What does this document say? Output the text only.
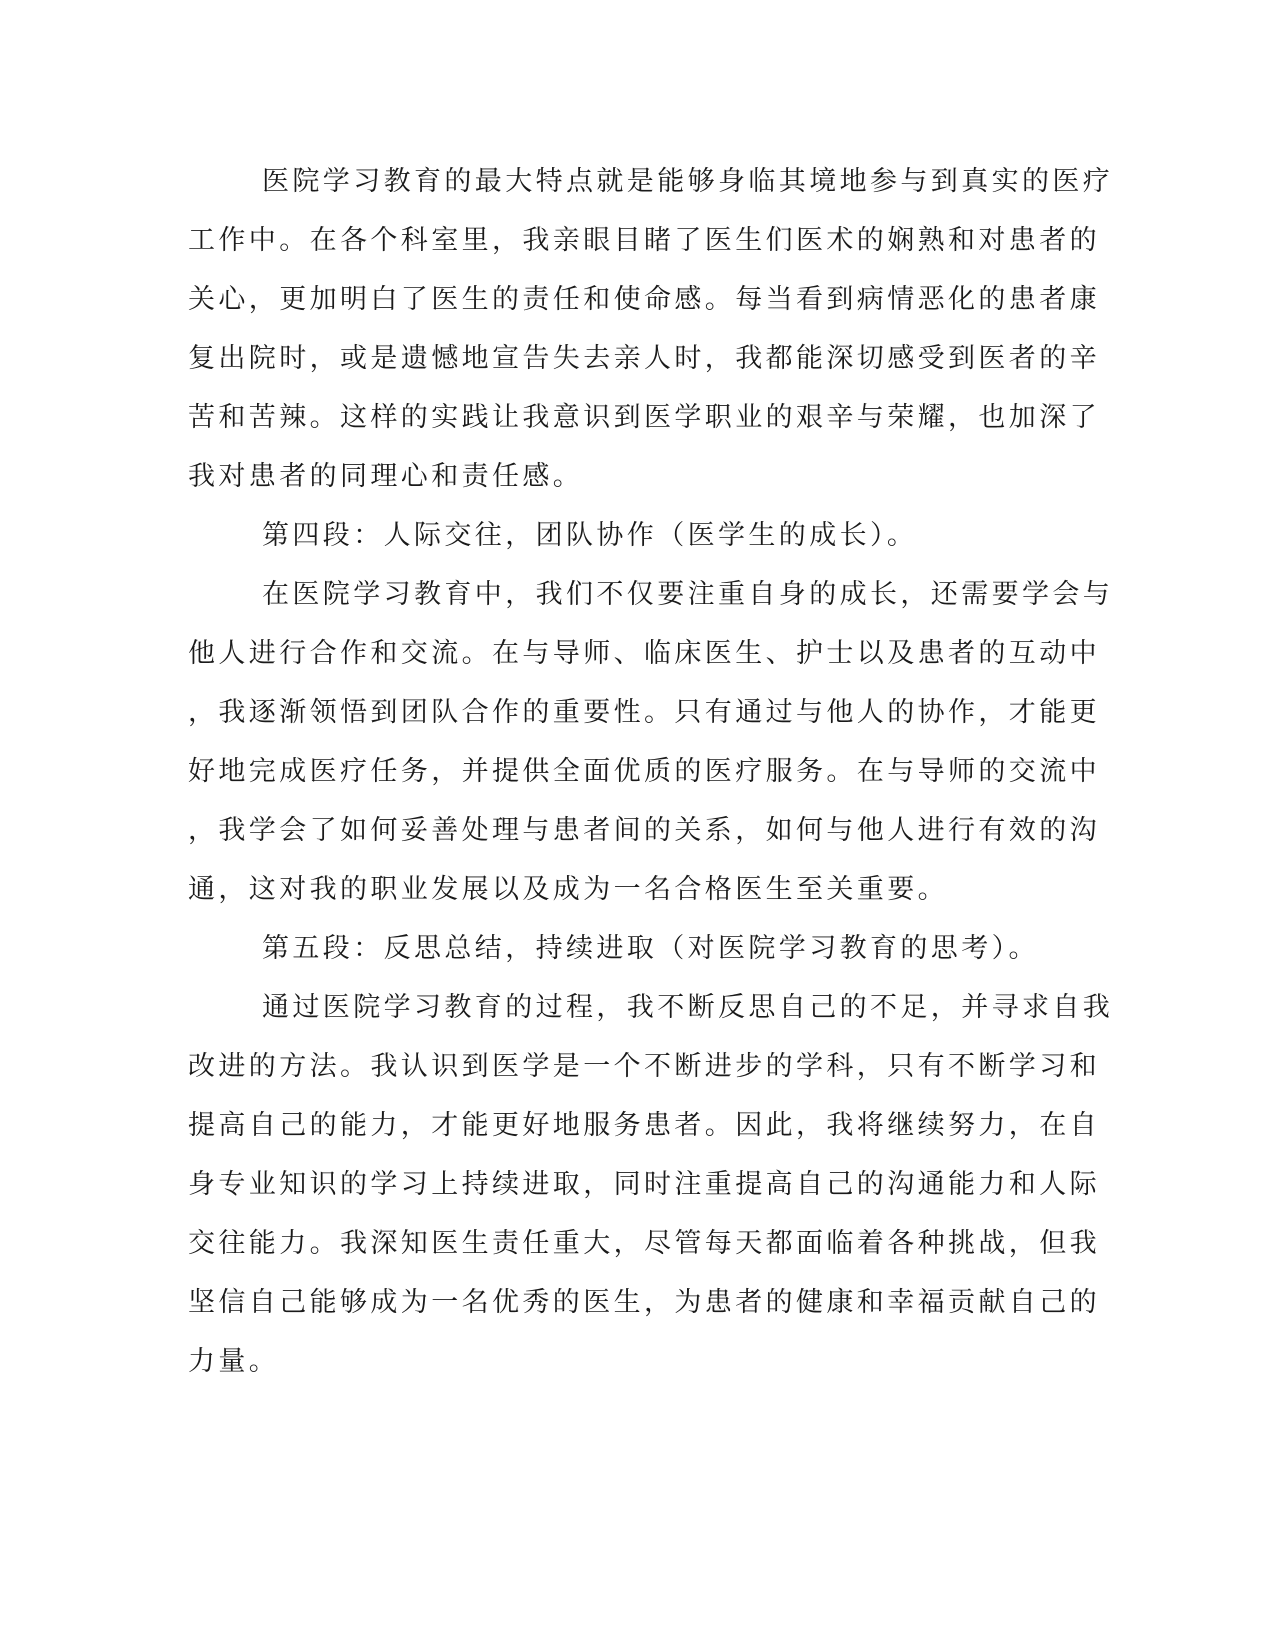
医院学习教育的最大特点就是能够身临其境地参与到真实的医疗
工作中。在各个科室里，我亲眼目睹了医生们医术的娴熟和对患者的
关心，更加明白了医生的责任和使命感。每当看到病情恶化的患者康
复出院时，或是遗憾地宣告失去亲人时，我都能深切感受到医者的辛
苦和苦辣。这样的实践让我意识到医学职业的艰辛与荣耀，也加深了
我对患者的同理心和责任感。
第四段：人际交往，团队协作（医学生的成长）。
在医院学习教育中，我们不仅要注重自身的成长，还需要学会与
他人进行合作和交流。在与导师、临床医生、护士以及患者的互动中
，我逐渐领悟到团队合作的重要性。只有通过与他人的协作，才能更
好地完成医疗任务，并提供全面优质的医疗服务。在与导师的交流中
，我学会了如何妥善处理与患者间的关系，如何与他人进行有效的沟
通，这对我的职业发展以及成为一名合格医生至关重要。
第五段：反思总结，持续进取（对医院学习教育的思考）。
通过医院学习教育的过程，我不断反思自己的不足，并寻求自我
改进的方法。我认识到医学是一个不断进步的学科，只有不断学习和
提高自己的能力，才能更好地服务患者。因此，我将继续努力，在自
身专业知识的学习上持续进取，同时注重提高自己的沟通能力和人际
交往能力。我深知医生责任重大，尽管每天都面临着各种挑战，但我
坚信自己能够成为一名优秀的医生，为患者的健康和幸福贡献自己的
力量。
